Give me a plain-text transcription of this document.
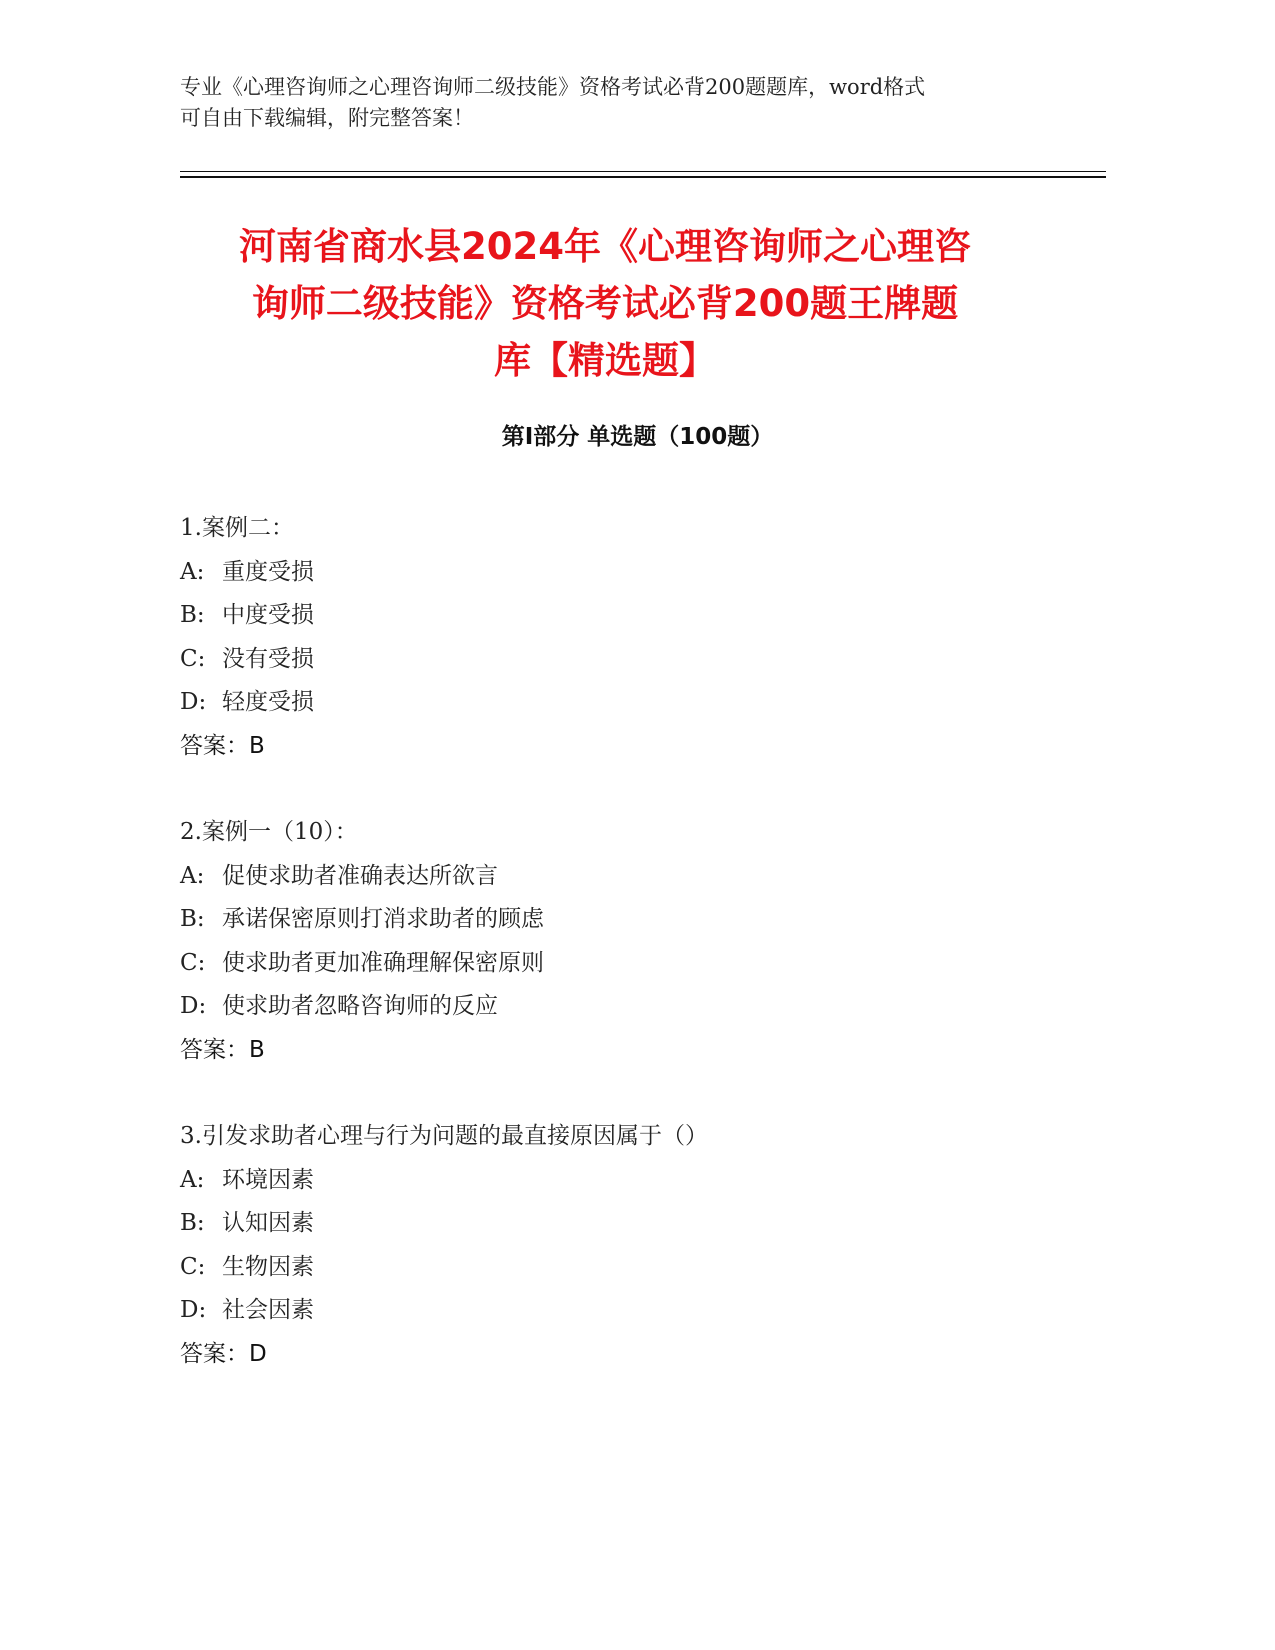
专业《心理咨询师之心理咨询师二级技能》资格考试必背200题题库，word格式
可自由下载编辑，附完整答案！
河南省商水县2024年《心理咨询师之心理咨
询师二级技能》资格考试必背200题王牌题
库【精选题】
第Ⅰ部分 单选题（100题）
1.案例二：
A: 重度受损
B: 中度受损
C: 没有受损
D: 轻度受损
答案：B
2.案例一（10）：
A: 促使求助者准确表达所欲言
B: 承诺保密原则打消求助者的顾虑
C: 使求助者更加准确理解保密原则
D: 使求助者忽略咨询师的反应
答案：B
3.引发求助者心理与行为问题的最直接原因属于（）
A: 环境因素
B: 认知因素
C: 生物因素
D: 社会因素
答案：D
